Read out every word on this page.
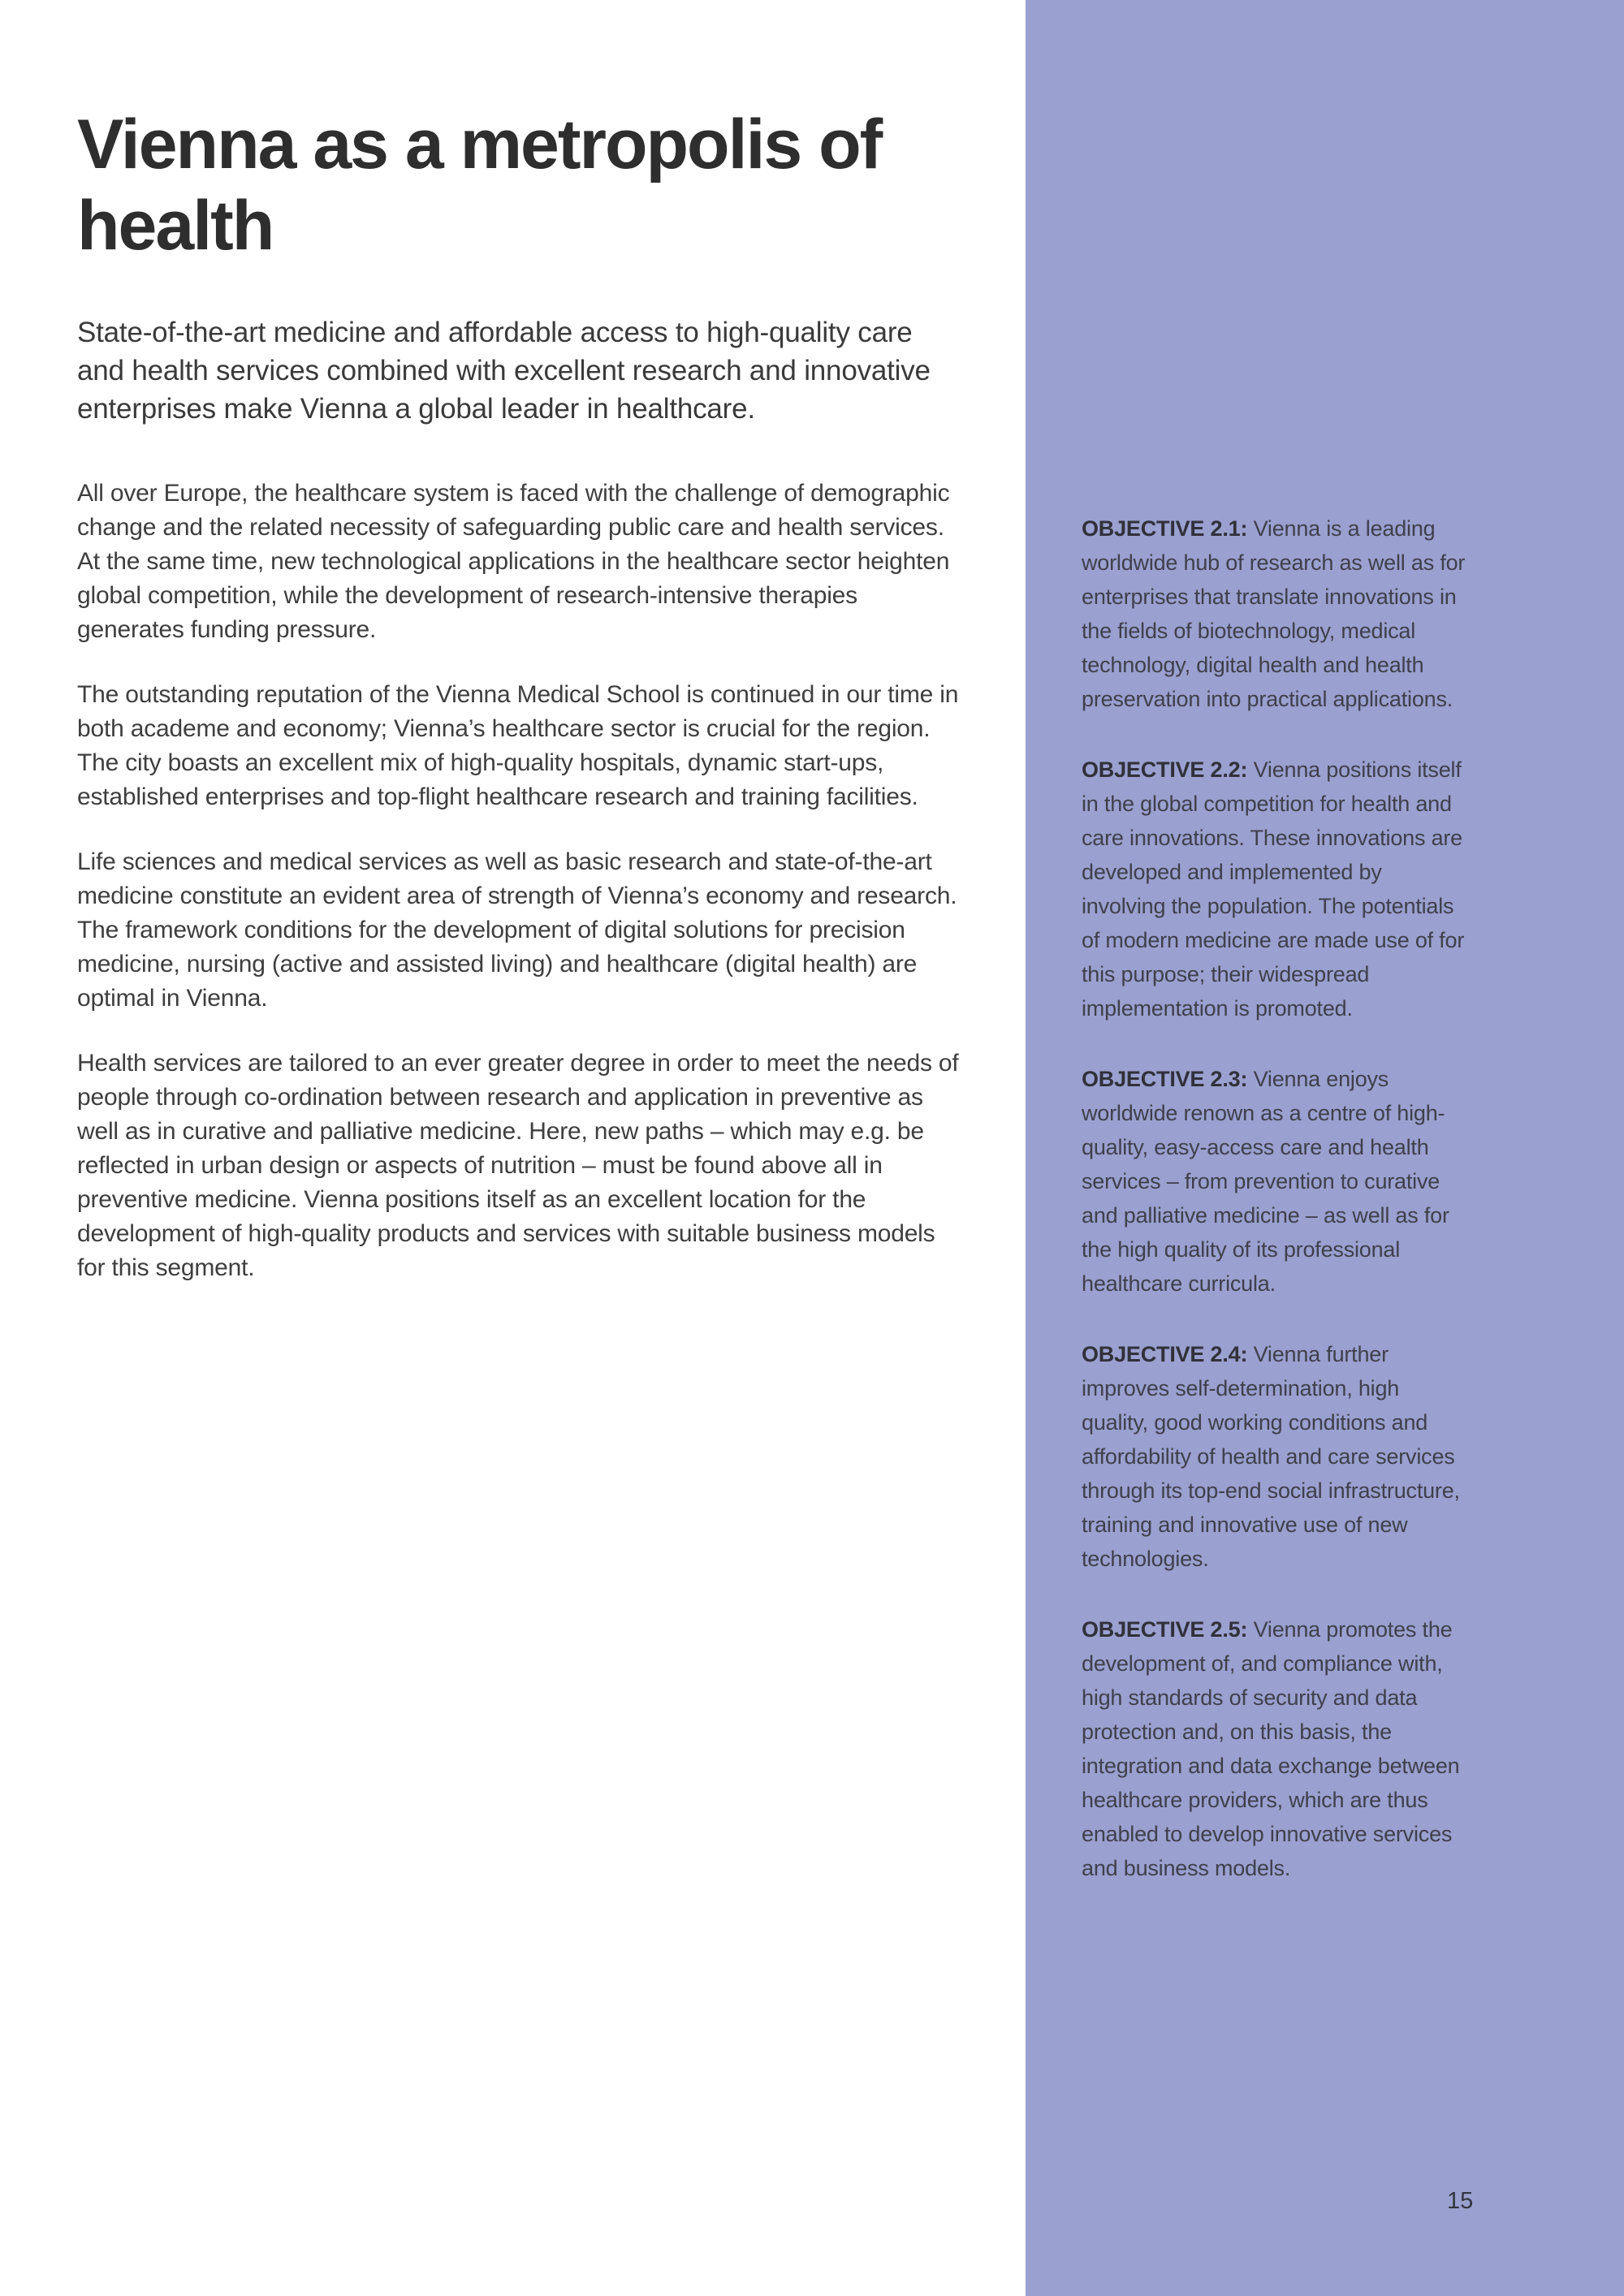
Vienna as a metropolis of health

State-of-the-art medicine and affordable access to high-quality care and health services combined with excellent research and innovative enterprises make Vienna a global leader in healthcare.

All over Europe, the healthcare system is faced with the challenge of demographic change and the related necessity of safeguarding public care and health services. At the same time, new technological applications in the healthcare sector heighten global competition, while the development of research-intensive therapies generates funding pressure.

The outstanding reputation of the Vienna Medical School is continued in our time in both academe and economy; Vienna’s healthcare sector is crucial for the region. The city boasts an excellent mix of high-quality hospitals, dynamic start-ups, established enterprises and top-flight healthcare research and training facilities.

Life sciences and medical services as well as basic research and state-of-the-art medicine constitute an evident area of strength of Vienna’s economy and research. The framework conditions for the development of digital solutions for precision medicine, nursing (active and assisted living) and healthcare (digital health) are optimal in Vienna.

Health services are tailored to an ever greater degree in order to meet the needs of people through co-ordination between research and application in preventive as well as in curative and palliative medicine. Here, new paths – which may e.g. be reflected in urban design or aspects of nutrition – must be found above all in preventive medicine. Vienna positions itself as an excellent location for the development of high-quality products and services with suitable business models for this segment.

OBJECTIVE 2.1: Vienna is a leading worldwide hub of research as well as for enterprises that translate innovations in the fields of biotechnology, medical technology, digital health and health preservation into practical applications.

OBJECTIVE 2.2: Vienna positions itself in the global competition for health and care innovations. These innovations are developed and implemented by involving the population. The potentials of modern medicine are made use of for this purpose; their widespread implementation is promoted.

OBJECTIVE 2.3: Vienna enjoys worldwide renown as a centre of high-quality, easy-access care and health services – from prevention to curative and palliative medicine – as well as for the high quality of its professional healthcare curricula.

OBJECTIVE 2.4: Vienna further improves self-determination, high quality, good working conditions and affordability of health and care services through its top-end social infrastructure, training and innovative use of new technologies.

OBJECTIVE 2.5: Vienna promotes the development of, and compliance with, high standards of security and data protection and, on this basis, the integration and data exchange between healthcare providers, which are thus enabled to develop innovative services and business models.

15
